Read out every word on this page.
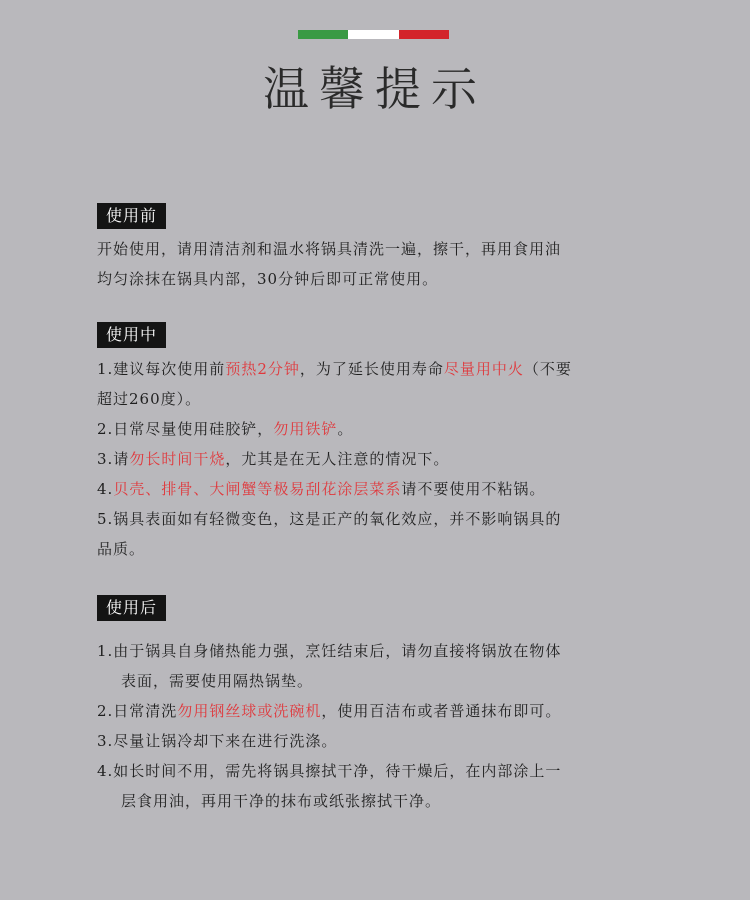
温馨提示
使用前
开始使用，请用清洁剂和温水将锅具清洗一遍，擦干，再用食用油
均匀涂抹在锅具内部，30分钟后即可正常使用。
使用中
1.建议每次使用前预热2分钟，为了延长使用寿命尽量用中火（不要
超过260度）。
2.日常尽量使用硅胶铲，勿用铁铲。
3.请勿长时间干烧，尤其是在无人注意的情况下。
4.贝壳、排骨、大闸蟹等极易刮花涂层菜系请不要使用不粘锅。
5.锅具表面如有轻微变色，这是正产的氧化效应，并不影响锅具的
品质。
使用后
1.由于锅具自身储热能力强，烹饪结束后，请勿直接将锅放在物体
表面，需要使用隔热锅垫。
2.日常清洗勿用钢丝球或洗碗机，使用百洁布或者普通抹布即可。
3.尽量让锅冷却下来在进行洗涤。
4.如长时间不用，需先将锅具擦拭干净，待干燥后，在内部涂上一
层食用油，再用干净的抹布或纸张擦拭干净。
